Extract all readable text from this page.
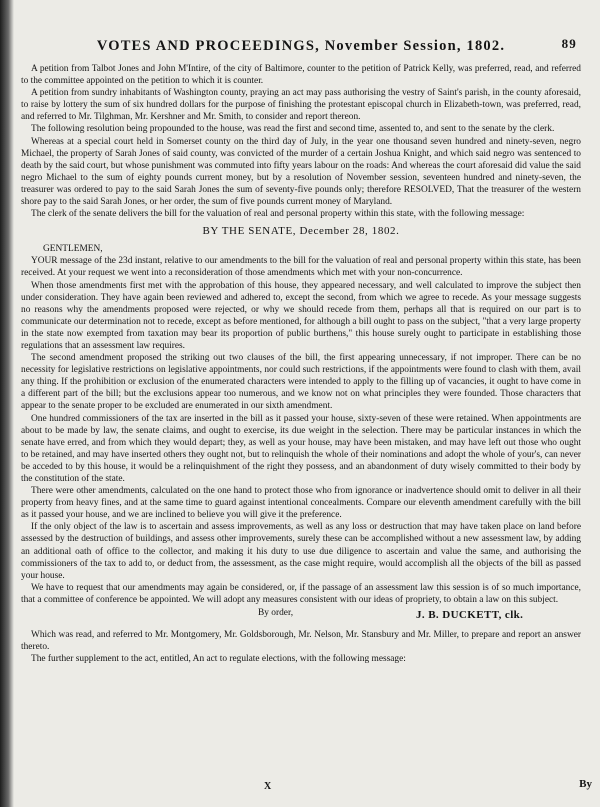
VOTES AND PROCEEDINGS, November Session, 1802.	89

A petition from Talbot Jones and John M'Intire, of the city of Baltimore, counter to the petition of Patrick Kelly, was preferred, read, and referred to the committee appointed on the petition to which it is counter.

A petition from sundry inhabitants of Washington county, praying an act may pass authorising the vestry of Saint's parish, in the county aforesaid, to raise by lottery the sum of six hundred dollars for the purpose of finishing the protestant episcopal church in Elizabeth-town, was preferred, read, and referred to Mr. Tilghman, Mr. Kershner and Mr. Smith, to consider and report thereon.

The following resolution being propounded to the house, was read the first and second time, assented to, and sent to the senate by the clerk.

Whereas at a special court held in Somerset county on the third day of July, in the year one thousand seven hundred and ninety-seven, negro Michael, the property of Sarah Jones of said county, was convicted of the murder of a certain Joshua Knight, and which said negro was sentenced to death by the said court, but whose punishment was commuted into fifty years labour on the roads: And whereas the court aforesaid did value the said negro Michael to the sum of eighty pounds current money, but by a resolution of November session, seventeen hundred and ninety-seven, the treasurer was ordered to pay to the said Sarah Jones the sum of seventy-five pounds only; therefore RESOLVED, That the treasurer of the western shore pay to the said Sarah Jones, or her order, the sum of five pounds current money of Maryland.

The clerk of the senate delivers the bill for the valuation of real and personal property within this state, with the following message:

BY THE SENATE, December 28, 1802.
GENTLEMEN,

YOUR message of the 23d instant, relative to our amendments to the bill for the valuation of real and personal property within this state, has been received. At your request we went into a reconsideration of those amendments which met with your non-concurrence.

When those amendments first met with the approbation of this house, they appeared necessary, and well calculated to improve the subject then under consideration. They have again been reviewed and adhered to, except the second, from which we agree to recede. As your message suggests no reasons why the amendments proposed were rejected, or why we should recede from them, perhaps all that is required on our part is to communicate our determination not to recede, except as before mentioned, for although a bill ought to pass on the subject, "that a very large property in the state now exempted from taxation may bear its proportion of public burthens," this house surely ought to participate in establishing those regulations that an assessment law requires.

The second amendment proposed the striking out two clauses of the bill, the first appearing unnecessary, if not improper. There can be no necessity for legislative restrictions on legislative appointments, nor could such restrictions, if the appointments were found to clash with them, avail any thing. If the prohibition or exclusion of the enumerated characters were intended to apply to the filling up of vacancies, it ought to have come in a different part of the bill; but the exclusions appear too numerous, and we know not on what principles they were founded. Those characters that appear to the senate proper to be excluded are enumerated in our sixth amendment.

One hundred commissioners of the tax are inserted in the bill as it passed your house, sixty-seven of these were retained. When appointments are about to be made by law, the senate claims, and ought to exercise, its due weight in the selection. There may be particular instances in which the senate have erred, and from which they would depart; they, as well as your house, may have been mistaken, and may have left out those who ought to be retained, and may have inserted others they ought not, but to relinquish the whole of their nominations and adopt the whole of your's, can never be acceded to by this house, it would be a relinquishment of the right they possess, and an abandonment of duty wisely committed to their body by the constitution of the state.

There were other amendments, calculated on the one hand to protect those who from ignorance or inadvertence should omit to deliver in all their property from heavy fines, and at the same time to guard against intentional concealments. Compare our eleventh amendment carefully with the bill as it passed your house, and we are inclined to believe you will give it the preference.

If the only object of the law is to ascertain and assess improvements, as well as any loss or destruction that may have taken place on land before assessed by the destruction of buildings, and assess other improvements, surely these can be accomplished without a new assessment law, by adding an additional oath of office to the collector, and making it his duty to use due diligence to ascertain and value the same, and authorising the commissioners of the tax to add to, or deduct from, the assessment, as the case might require, would accomplish all the objects of the bill as passed your house.

We have to request that our amendments may again be considered, or, if the passage of an assessment law this session is of so much importance, that a committee of conference be appointed. We will adopt any measures consistent with our ideas of propriety, to obtain a law on this subject.

By order,	J. B. DUCKETT, clk.

Which was read, and referred to Mr. Montgomery, Mr. Goldsborough, Mr. Nelson, Mr. Stansbury and Mr. Miller, to prepare and report an answer thereto.

The further supplement to the act, entitled, An act to regulate elections, with the following message:

X	By
